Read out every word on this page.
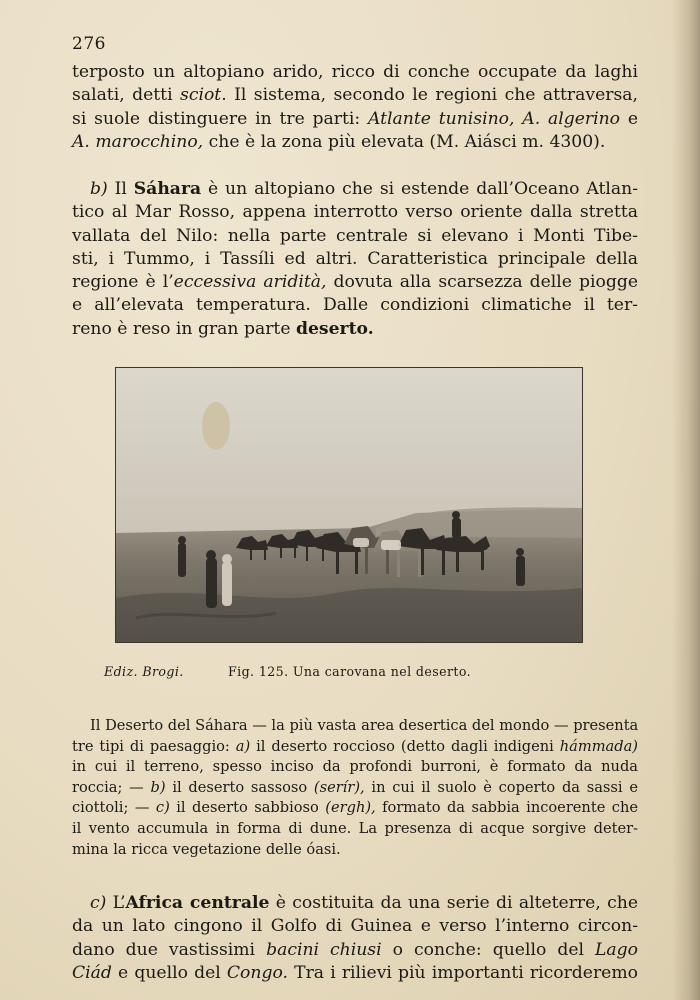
276
terposto un altopiano arido, ricco di conche occupate da laghi
salati, detti sciot. Il sistema, secondo le regioni che attraversa,
si suole distinguere in tre parti: Atlante tunisino, A. algerino e
A. marocchino, che è la zona più elevata (M. Aiásci m. 4300).
b) Il Sáhara è un altopiano che si estende dall’Oceano Atlan-
tico al Mar Rosso, appena interrotto verso oriente dalla stretta
vallata del Nilo: nella parte centrale si elevano i Monti Tibe-
sti, i Tummo, i Tassíli ed altri. Caratteristica principale della
regione è l’eccessiva aridità, dovuta alla scarsezza delle piogge
e all’elevata temperatura. Dalle condizioni climatiche il ter-
reno è reso in gran parte deserto.
Ediz. Brogi.	Fig. 125. Una carovana nel deserto.
Il Deserto del Sáhara — la più vasta area desertica del mondo — presenta
tre tipi di paesaggio: a) il deserto roccioso (detto dagli indigeni hámmada)
in cui il terreno, spesso inciso da profondi burroni, è formato da nuda
roccia; — b) il deserto sassoso (serír), in cui il suolo è coperto da sassi e
ciottoli; — c) il deserto sabbioso (ergh), formato da sabbia incoerente che
il vento accumula in forma di dune. La presenza di acque sorgive deter-
mina la ricca vegetazione delle óasi.
c) L’Africa centrale è costituita da una serie di alteterre, che
da un lato cingono il Golfo di Guinea e verso l’interno circon-
dano due vastissimi bacini chiusi o conche: quello del Lago
Ciád e quello del Congo. Tra i rilievi più importanti ricorderemo
